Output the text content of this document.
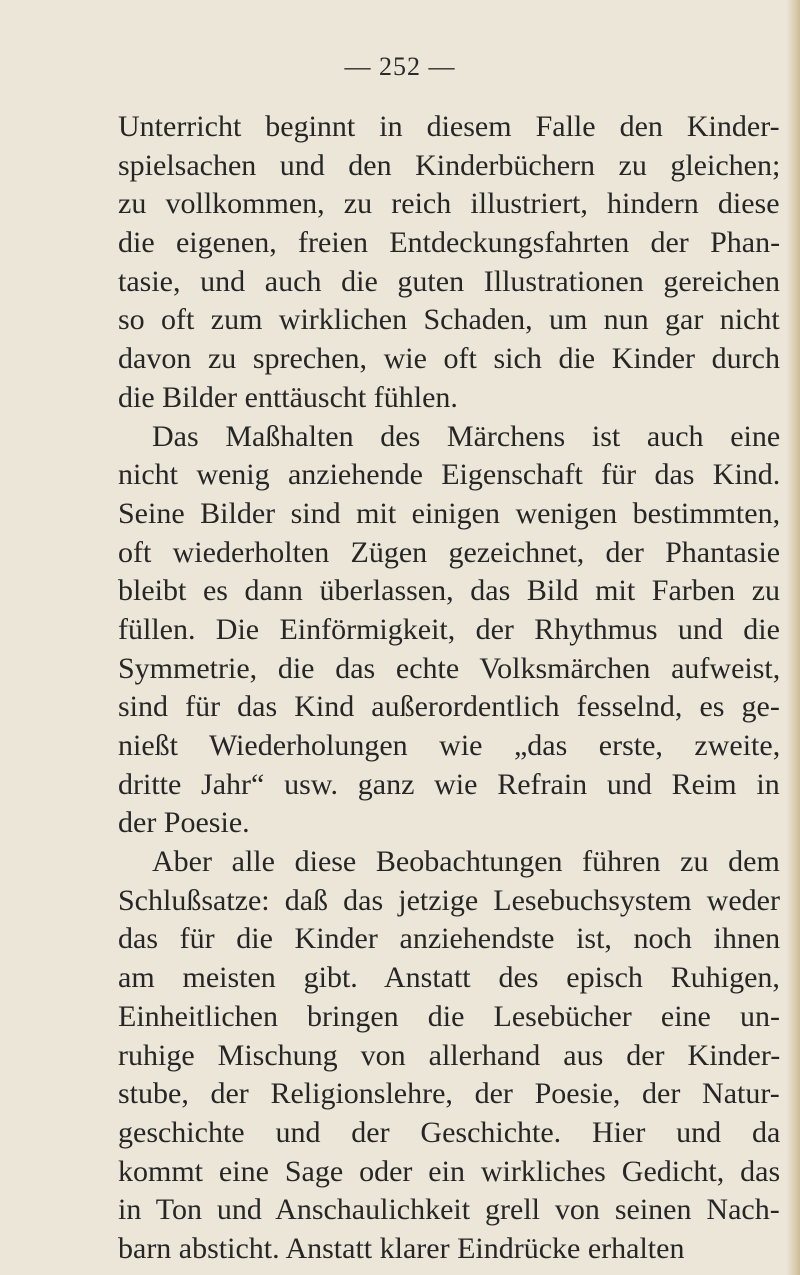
— 252 —
Unterricht beginnt in diesem Falle den Kinder-
spielsachen und den Kinderbüchern zu gleichen;
zu vollkommen, zu reich illustriert, hindern diese
die eigenen, freien Entdeckungsfahrten der Phan-
tasie, und auch die guten Illustrationen gereichen
so oft zum wirklichen Schaden, um nun gar nicht
davon zu sprechen, wie oft sich die Kinder durch
die Bilder enttäuscht fühlen.
Das Maßhalten des Märchens ist auch eine
nicht wenig anziehende Eigenschaft für das Kind.
Seine Bilder sind mit einigen wenigen bestimmten,
oft wiederholten Zügen gezeichnet, der Phantasie
bleibt es dann überlassen, das Bild mit Farben zu
füllen. Die Einförmigkeit, der Rhythmus und die
Symmetrie, die das echte Volksmärchen aufweist,
sind für das Kind außerordentlich fesselnd, es ge-
nießt Wiederholungen wie „das erste, zweite,
dritte Jahr“ usw. ganz wie Refrain und Reim in
der Poesie.
Aber alle diese Beobachtungen führen zu dem
Schlußsatze: daß das jetzige Lesebuchsystem weder
das für die Kinder anziehendste ist, noch ihnen
am meisten gibt. Anstatt des episch Ruhigen,
Einheitlichen bringen die Lesebücher eine un-
ruhige Mischung von allerhand aus der Kinder-
stube, der Religionslehre, der Poesie, der Natur-
geschichte und der Geschichte. Hier und da
kommt eine Sage oder ein wirkliches Gedicht, das
in Ton und Anschaulichkeit grell von seinen Nach-
barn absticht. Anstatt klarer Eindrücke erhalten
